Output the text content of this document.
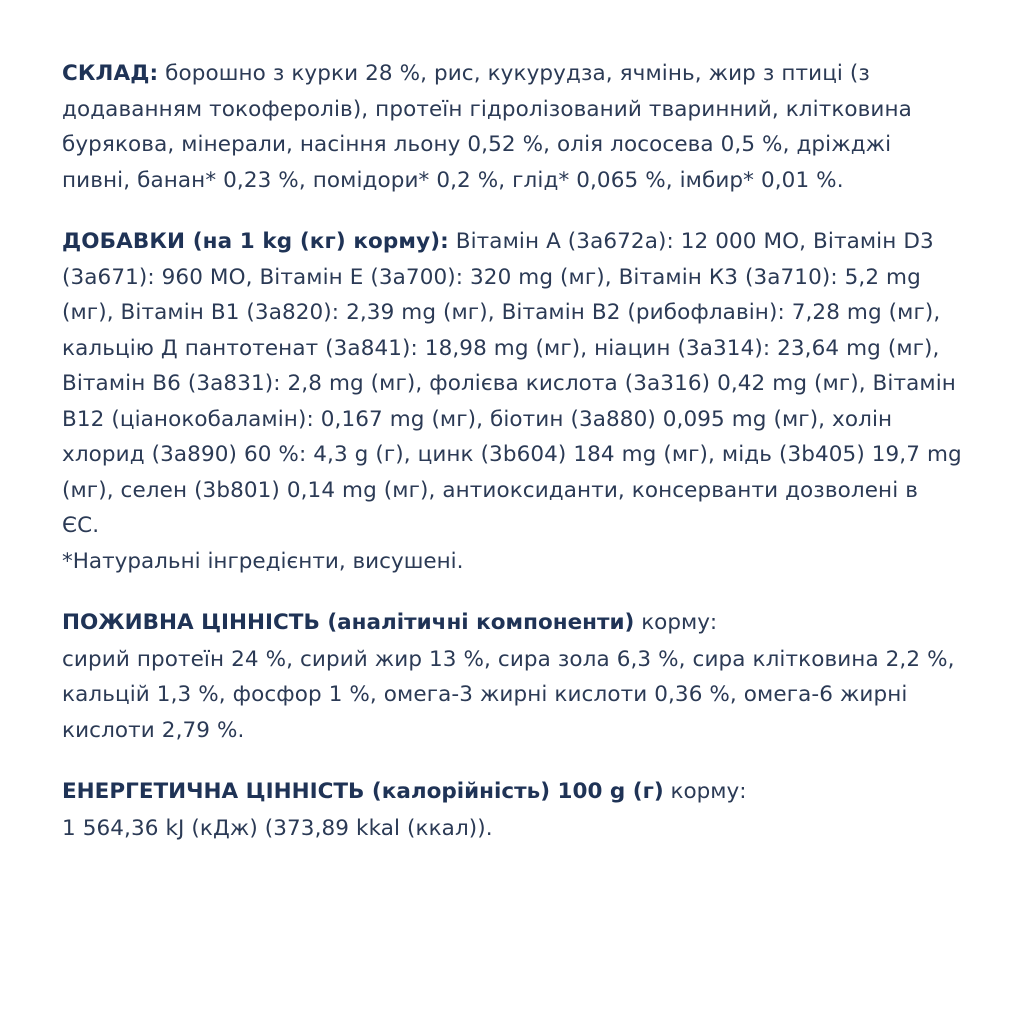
СКЛАД: борошно з курки 28 %, рис, кукурудза, ячмінь, жир з птиці (з додаванням токоферолів), протеїн гідролізований тваринний, клітковина бурякова, мінерали, насіння льону 0,52 %, олія лососева 0,5 %, дріжджі пивні, банан* 0,23 %, помідори* 0,2 %, глід* 0,065 %, імбир* 0,01 %.

ДОБАВКИ (на 1 kg (кг) корму): Вітамін А (3а672а): 12 000 МО, Вітамін D3 (3а671): 960 МО, Вітамін Е (3а700): 320 mg (мг), Вітамін К3 (3а710): 5,2 mg (мг), Вітамін В1 (3а820): 2,39 mg (мг), Вітамін В2 (рибофлавін): 7,28 mg (мг), кальцію Д пантотенат (3а841): 18,98 mg (мг), ніацин (3а314): 23,64 mg (мг), Вітамін В6 (3а831): 2,8 mg (мг), фолієва кислота (3а316) 0,42 mg (мг), Вітамін В12 (ціанокобаламін): 0,167 mg (мг), біотин (3а880) 0,095 mg (мг), холін хлорид (3а890) 60 %: 4,3 g (г), цинк (3b604) 184 mg (мг), мідь (3b405) 19,7 mg (мг), селен (3b801) 0,14 mg (мг), антиоксиданти, консерванти дозволені в ЄС.

*Натуральні інгредієнти, висушені.

ПОЖИВНА ЦІННІСТЬ (аналітичні компоненти) корму:

сирий протеїн 24 %, сирий жир 13 %, сира зола 6,3 %, сира клітковина 2,2 %, кальцій 1,3 %, фосфор 1 %, омега-3 жирні кислоти 0,36 %, омега-6 жирні кислоти 2,79 %.

ЕНЕРГЕТИЧНА ЦІННІСТЬ (калорійність) 100 g (г) корму:

1 564,36 kJ (кДж) (373,89 kkal (ккал)).
